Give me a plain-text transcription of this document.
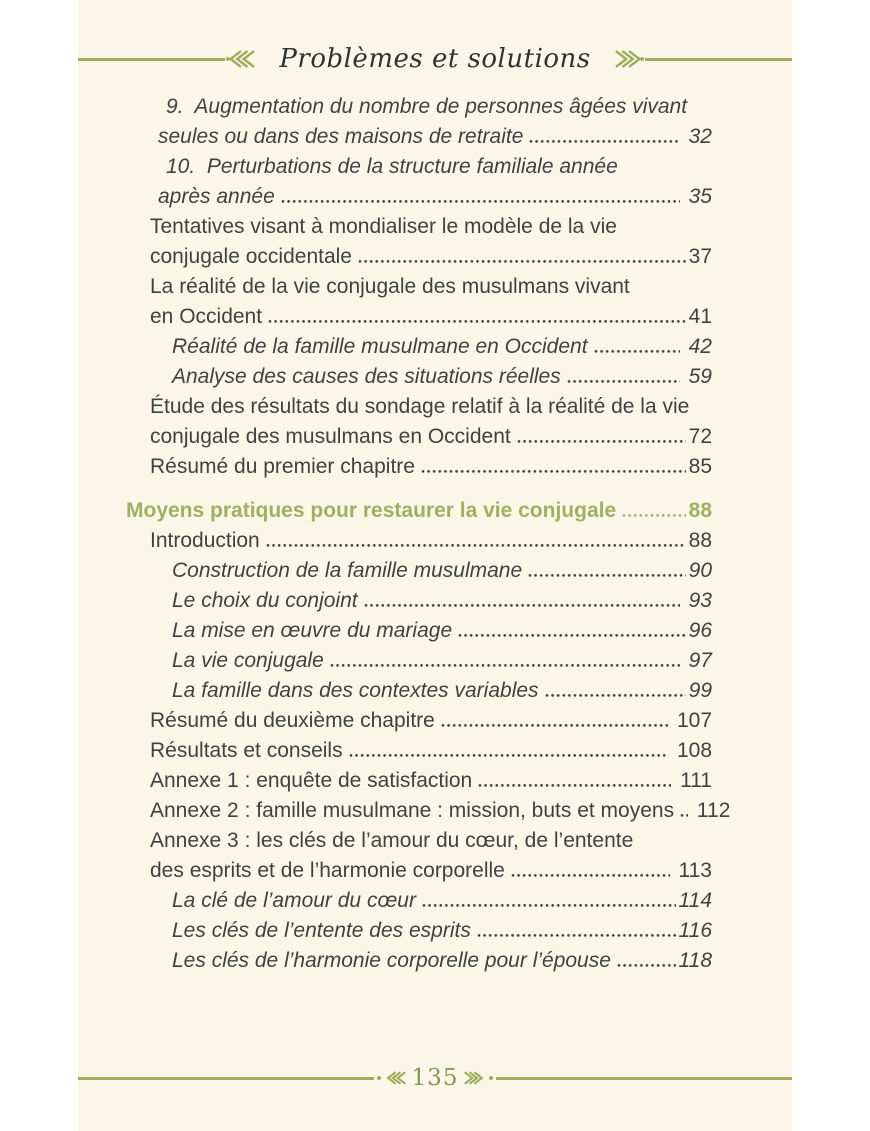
Problèmes et solutions
9.  Augmentation du nombre de personnes âgées vivant
seules ou dans des maisons de retraite	32
10.  Perturbations de la structure familiale année
après année	35
Tentatives visant à mondialiser le modèle de la vie
conjugale occidentale	37
La réalité de la vie conjugale des musulmans vivant
en Occident	41
Réalité de la famille musulmane en Occident	42
Analyse des causes des situations réelles	59
Étude des résultats du sondage relatif à la réalité de la vie
conjugale des musulmans en Occident	72
Résumé du premier chapitre	85
Moyens pratiques pour restaurer la vie conjugale	88
Introduction	88
Construction de la famille musulmane	90
Le choix du conjoint	93
La mise en œuvre du mariage	96
La vie conjugale	97
La famille dans des contextes variables	99
Résumé du deuxième chapitre	107
Résultats et conseils	108
Annexe 1 : enquête de satisfaction	111
Annexe 2 : famille musulmane : mission, buts et moyens 112
Annexe 3 : les clés de l’amour du cœur, de l’entente
des esprits et de l’harmonie corporelle	113
La clé de l’amour du cœur	114
Les clés de l’entente des esprits	116
Les clés de l’harmonie corporelle pour l’épouse	118
135
